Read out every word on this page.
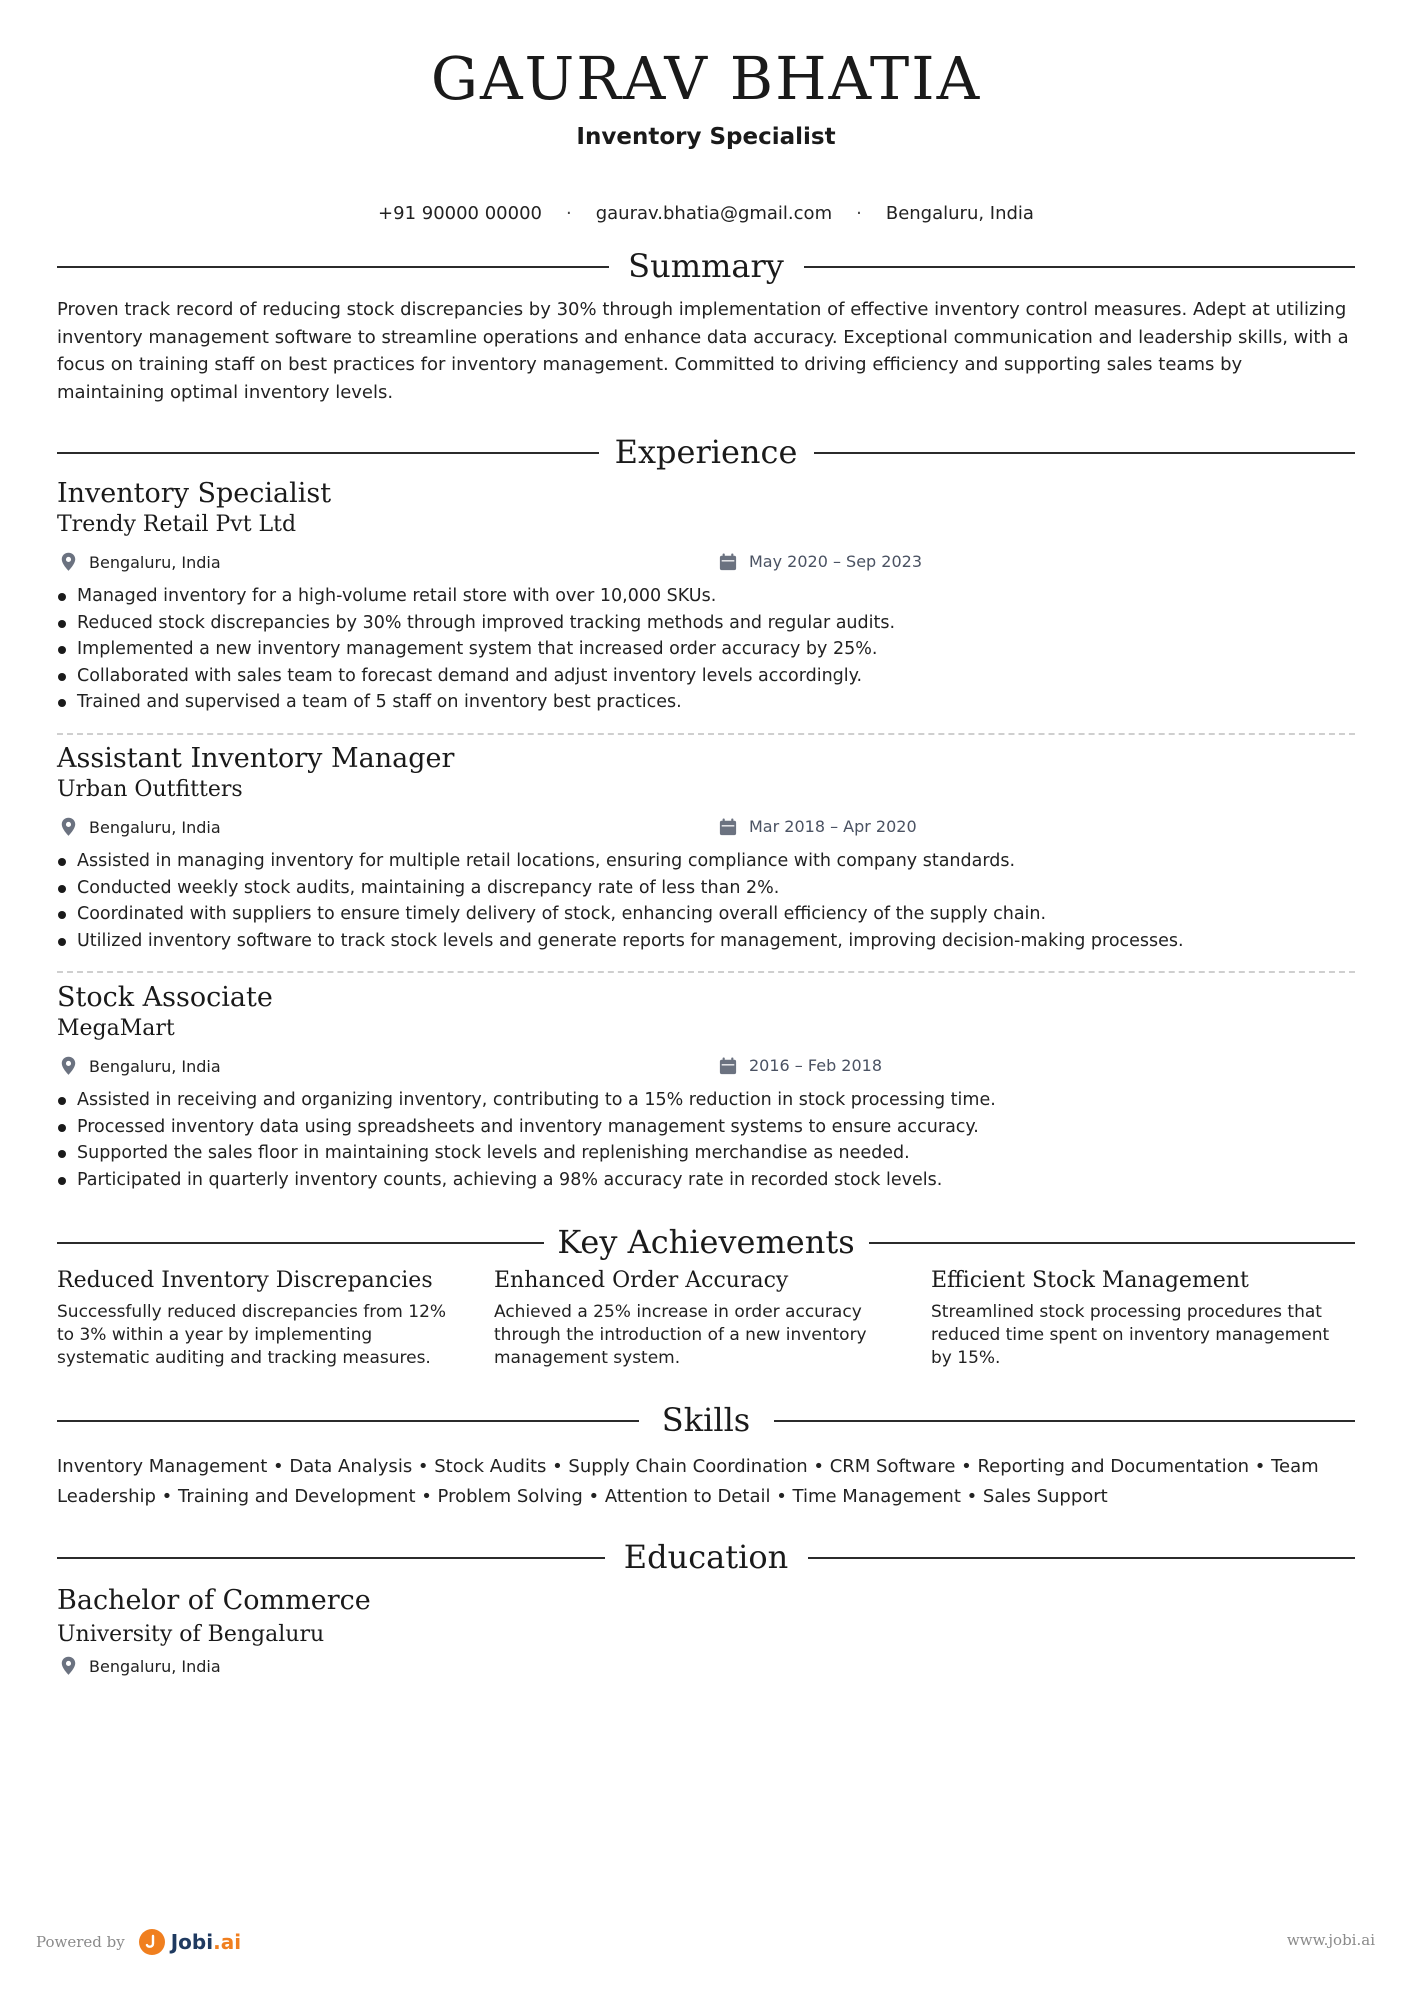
GAURAV BHATIA
Inventory Specialist
+91 90000 00000 · gaurav.bhatia@gmail.com · Bengaluru, India
Summary
Proven track record of reducing stock discrepancies by 30% through implementation of effective inventory control measures. Adept at utilizing inventory management software to streamline operations and enhance data accuracy. Exceptional communication and leadership skills, with a focus on training staff on best practices for inventory management. Committed to driving efficiency and supporting sales teams by maintaining optimal inventory levels.
Experience
Inventory Specialist
Trendy Retail Pvt Ltd
Bengaluru, India	May 2020 – Sep 2023
Managed inventory for a high-volume retail store with over 10,000 SKUs.
Reduced stock discrepancies by 30% through improved tracking methods and regular audits.
Implemented a new inventory management system that increased order accuracy by 25%.
Collaborated with sales team to forecast demand and adjust inventory levels accordingly.
Trained and supervised a team of 5 staff on inventory best practices.
Assistant Inventory Manager
Urban Outfitters
Bengaluru, India	Mar 2018 – Apr 2020
Assisted in managing inventory for multiple retail locations, ensuring compliance with company standards.
Conducted weekly stock audits, maintaining a discrepancy rate of less than 2%.
Coordinated with suppliers to ensure timely delivery of stock, enhancing overall efficiency of the supply chain.
Utilized inventory software to track stock levels and generate reports for management, improving decision-making processes.
Stock Associate
MegaMart
Bengaluru, India	2016 – Feb 2018
Assisted in receiving and organizing inventory, contributing to a 15% reduction in stock processing time.
Processed inventory data using spreadsheets and inventory management systems to ensure accuracy.
Supported the sales floor in maintaining stock levels and replenishing merchandise as needed.
Participated in quarterly inventory counts, achieving a 98% accuracy rate in recorded stock levels.
Key Achievements
Reduced Inventory Discrepancies
Successfully reduced discrepancies from 12% to 3% within a year by implementing systematic auditing and tracking measures.
Enhanced Order Accuracy
Achieved a 25% increase in order accuracy through the introduction of a new inventory management system.
Efficient Stock Management
Streamlined stock processing procedures that reduced time spent on inventory management by 15%.
Skills
Inventory Management • Data Analysis • Stock Audits • Supply Chain Coordination • CRM Software • Reporting and Documentation • Team Leadership • Training and Development • Problem Solving • Attention to Detail • Time Management • Sales Support
Education
Bachelor of Commerce
University of Bengaluru
Bengaluru, India
Powered by Jobi.ai	www.jobi.ai
